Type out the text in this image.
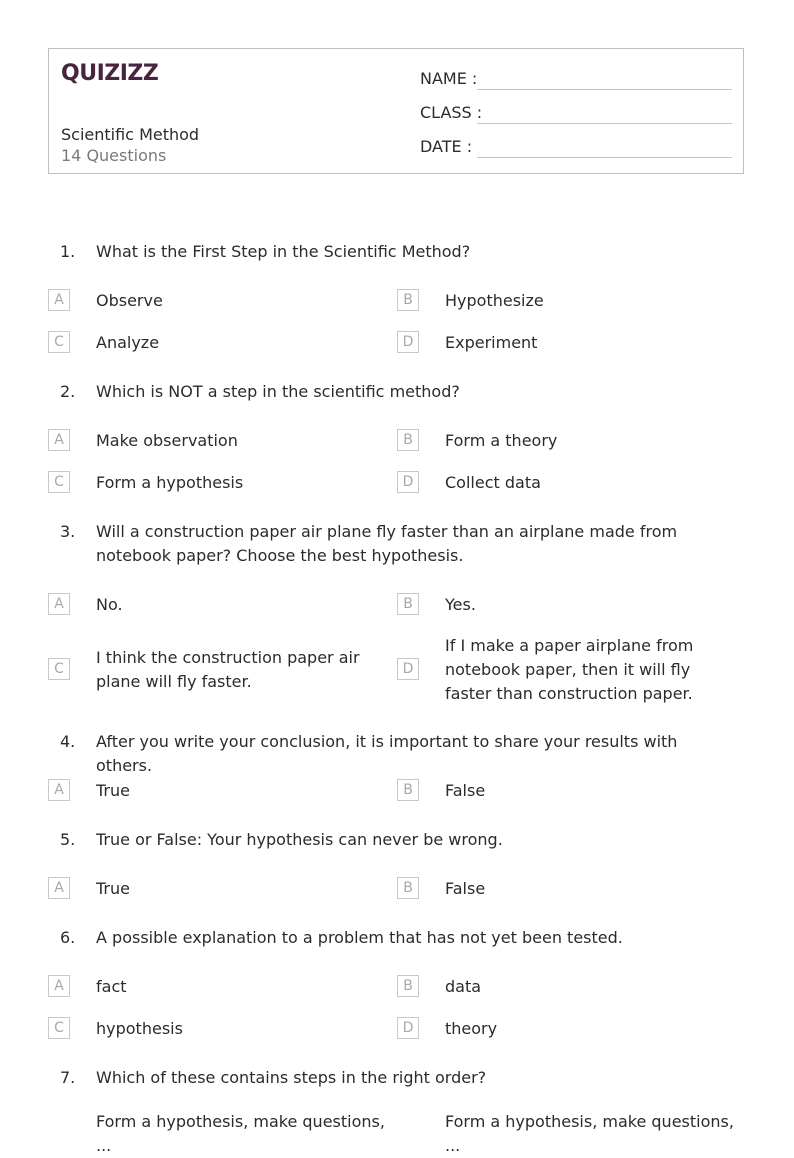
QUIZIZZ
Scientific Method
14 Questions
NAME :
CLASS :
DATE :
1. What is the First Step in the Scientific Method?
A	Observe	B	Hypothesize
C	Analyze	D	Experiment
2. Which is NOT a step in the scientific method?
A	Make observation	B	Form a theory
C	Form a hypothesis	D	Collect data
3. Will a construction paper air plane fly faster than an airplane made from notebook paper? Choose the best hypothesis.
A	No.	B	Yes.
C
I think the construction paper air plane will fly faster.
D
If I make a paper airplane from notebook paper, then it will fly faster than construction paper.
4. After you write your conclusion, it is important to share your results with others.
A	True	B	False
5. True or False: Your hypothesis can never be wrong.
A	True	B	False
6. A possible explanation to a problem that has not yet been tested.
A	fact	B	data
C	hypothesis	D	theory
7. Which of these contains steps in the right order?
Form a hypothesis, make questions, ...
Form a hypothesis, make questions, ...
